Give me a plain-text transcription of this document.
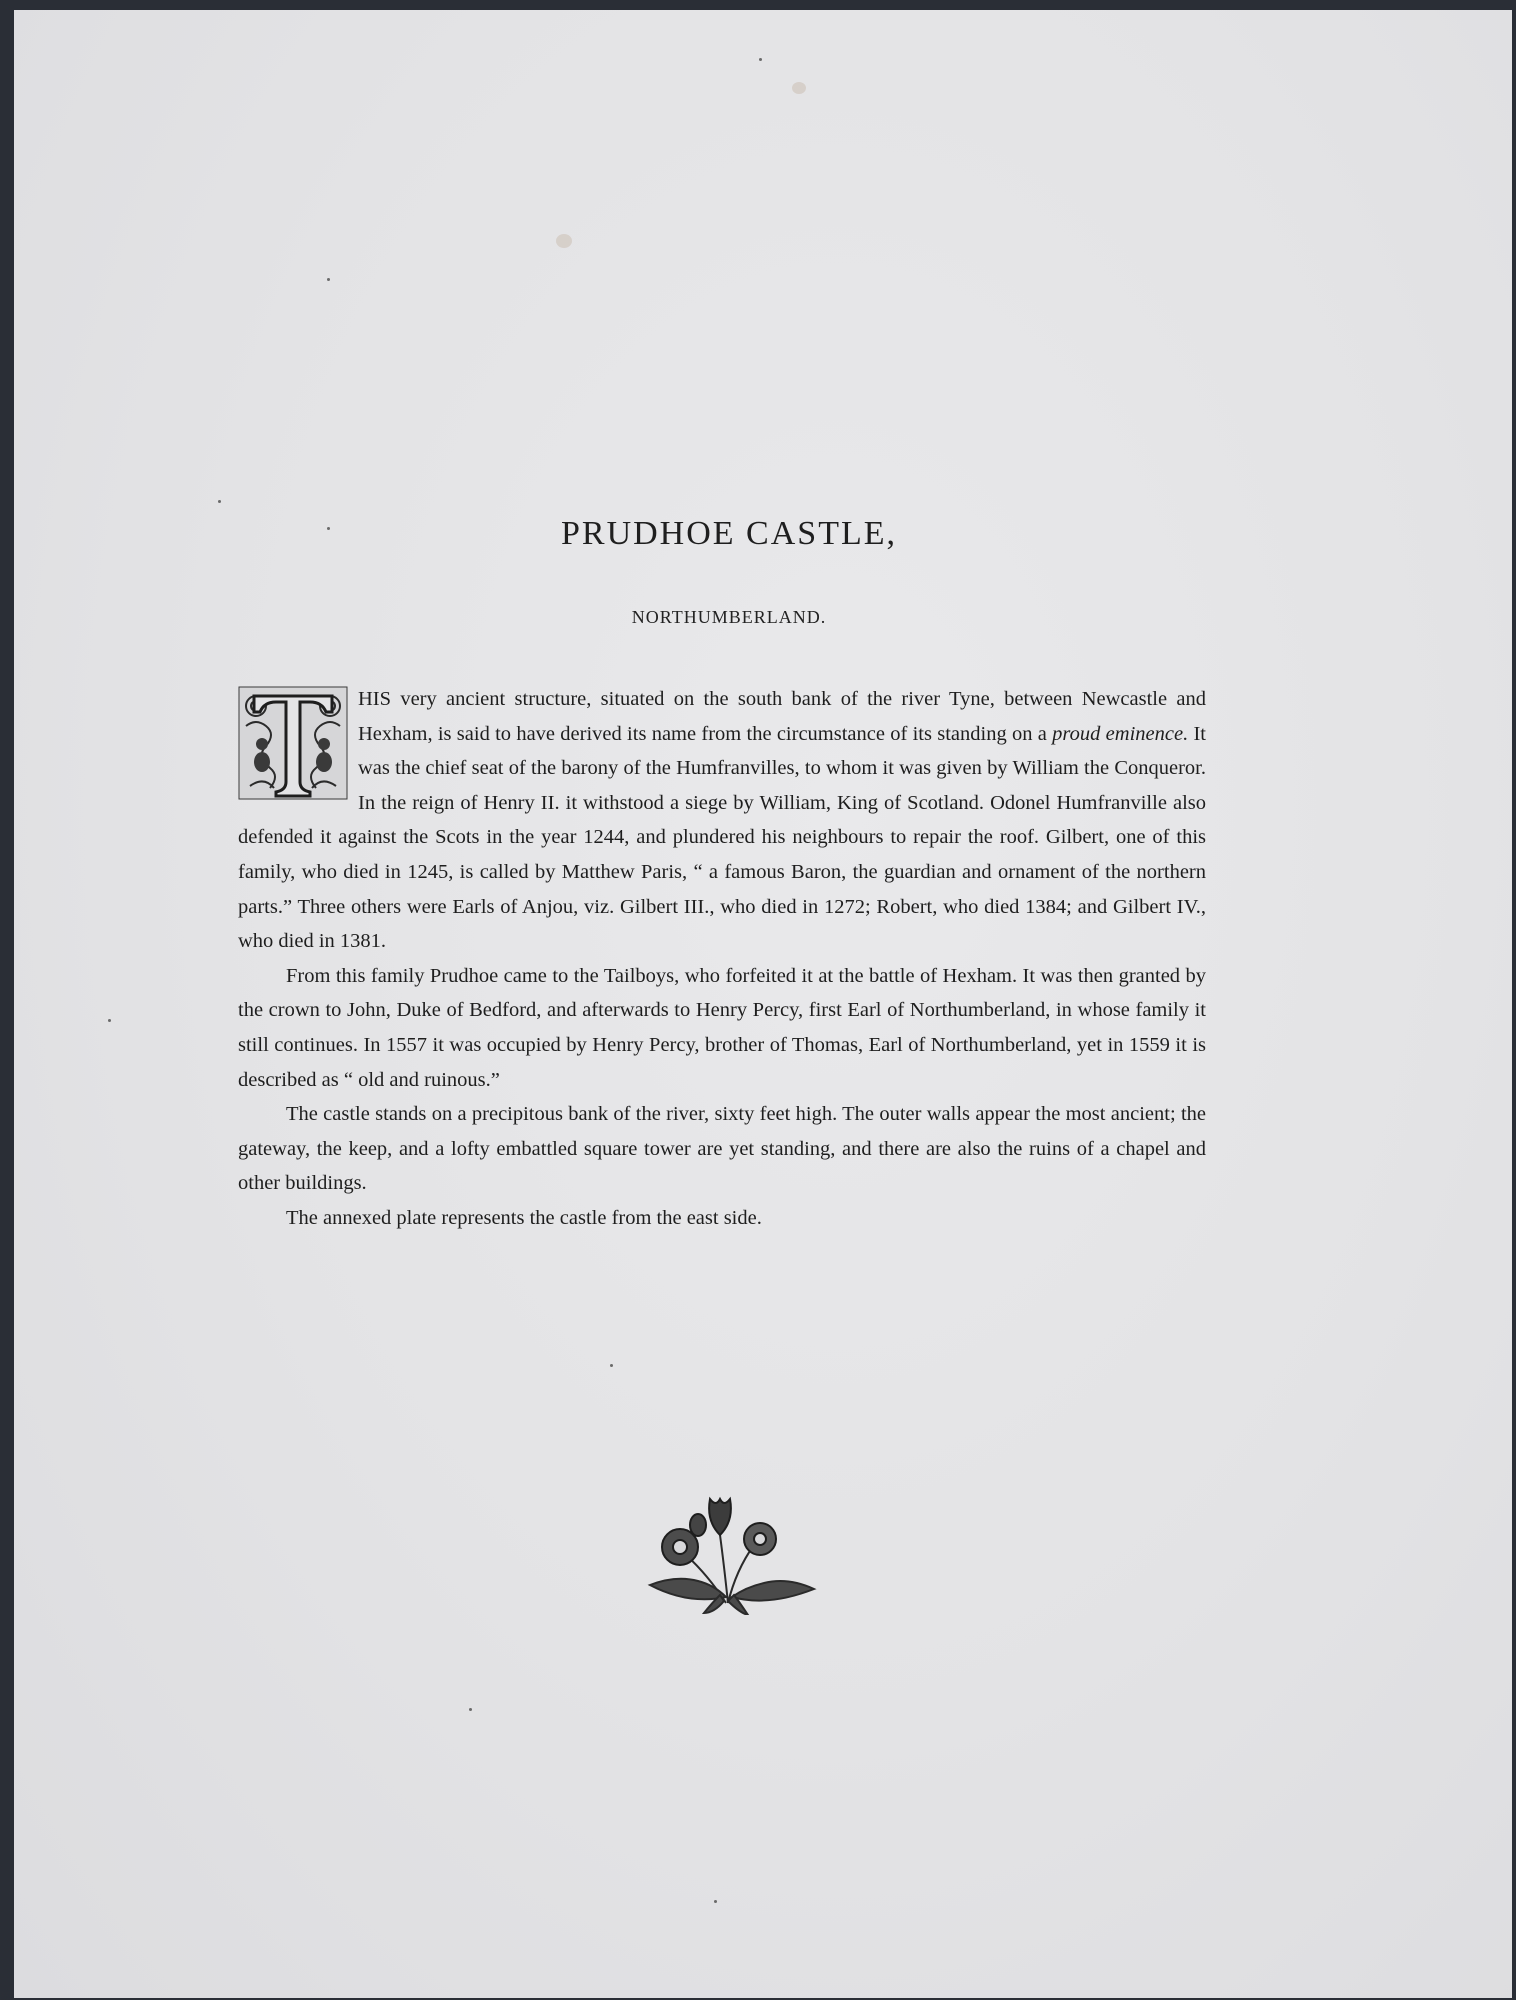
PRUDHOE CASTLE,
NORTHUMBERLAND.

T
HIS very ancient structure, situated on the south bank of the river Tyne, between Newcastle and Hexham, is said to have derived its name from the circumstance of its standing on a proud eminence. It was the chief seat of the barony of the Humfranvilles, to whom it was given by William the Conqueror. In the reign of Henry II. it withstood a siege by William, King of Scotland. Odonel Humfranville also defended it against the Scots in the year 1244, and plundered his neighbours to repair the roof. Gilbert, one of this family, who died in 1245, is called by Matthew Paris, “ a famous Baron, the guardian and ornament of the northern parts.” Three others were Earls of Anjou, viz. Gilbert III., who died in 1272; Robert, who died 1384; and Gilbert IV., who died in 1381.

From this family Prudhoe came to the Tailboys, who forfeited it at the battle of Hexham. It was then granted by the crown to John, Duke of Bedford, and afterwards to Henry Percy, first Earl of Northumberland, in whose family it still continues. In 1557 it was occupied by Henry Percy, brother of Thomas, Earl of Northumberland, yet in 1559 it is described as “ old and ruinous.”

The castle stands on a precipitous bank of the river, sixty feet high. The outer walls appear the most ancient; the gateway, the keep, and a lofty embattled square tower are yet standing, and there are also the ruins of a chapel and other buildings.

The annexed plate represents the castle from the east side.
